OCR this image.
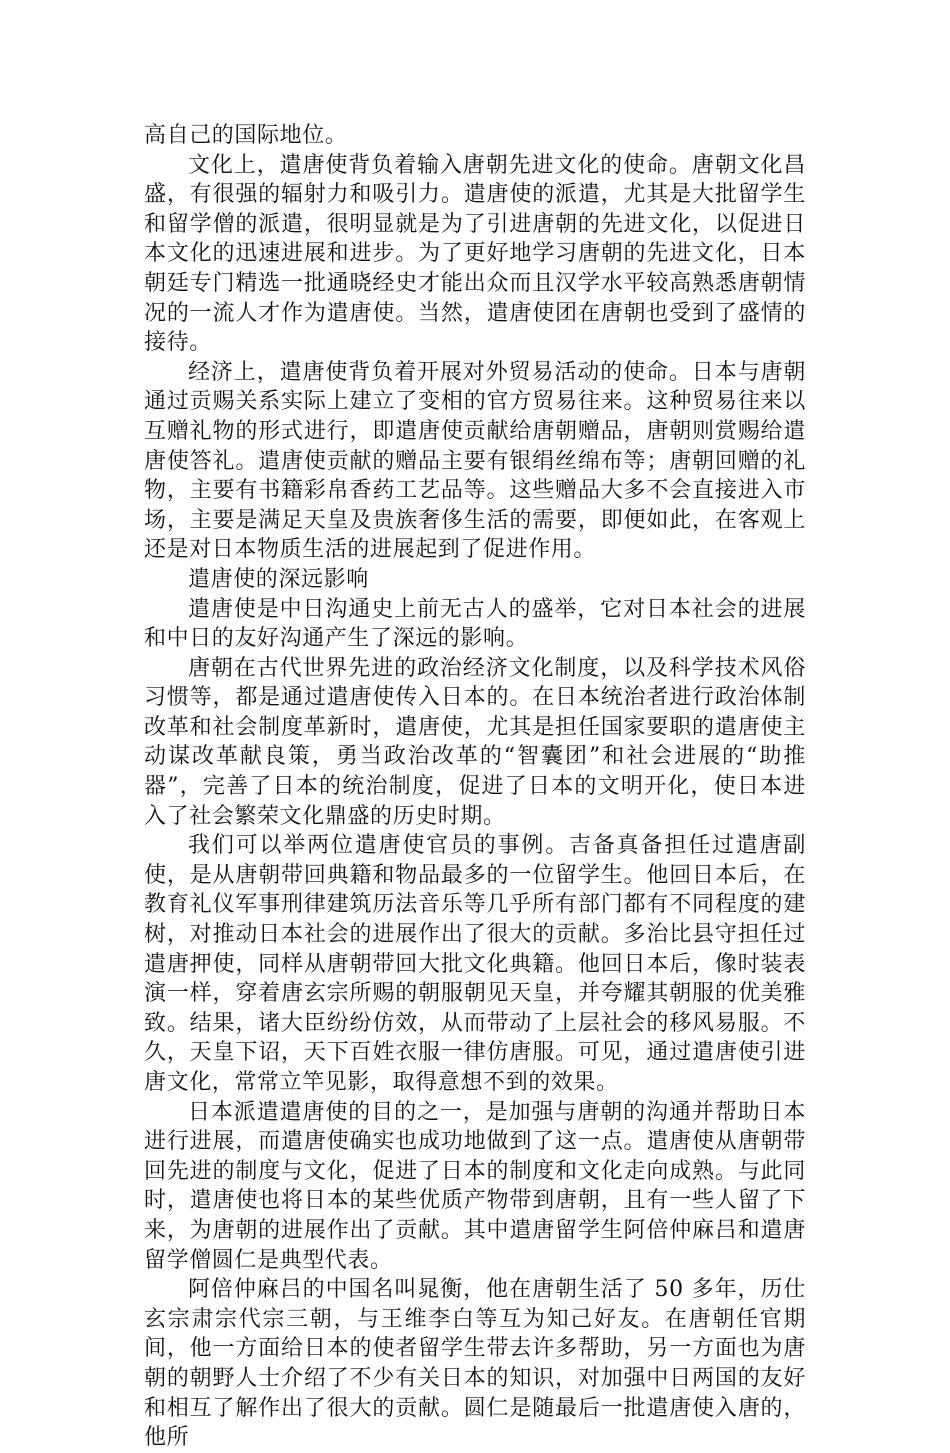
高自己的国际地位。

文化上，遣唐使背负着输入唐朝先进文化的使命。唐朝文化昌盛，有很强的辐射力和吸引力。遣唐使的派遣，尤其是大批留学生和留学僧的派遣，很明显就是为了引进唐朝的先进文化，以促进日本文化的迅速进展和进步。为了更好地学习唐朝的先进文化，日本朝廷专门精选一批通晓经史才能出众而且汉学水平较高熟悉唐朝情况的一流人才作为遣唐使。当然，遣唐使团在唐朝也受到了盛情的接待。

经济上，遣唐使背负着开展对外贸易活动的使命。日本与唐朝通过贡赐关系实际上建立了变相的官方贸易往来。这种贸易往来以互赠礼物的形式进行，即遣唐使贡献给唐朝赠品，唐朝则赏赐给遣唐使答礼。遣唐使贡献的赠品主要有银绢丝绵布等；唐朝回赠的礼物，主要有书籍彩帛香药工艺品等。这些赠品大多不会直接进入市场，主要是满足天皇及贵族奢侈生活的需要，即便如此，在客观上还是对日本物质生活的进展起到了促进作用。

遣唐使的深远影响

遣唐使是中日沟通史上前无古人的盛举，它对日本社会的进展和中日的友好沟通产生了深远的影响。

唐朝在古代世界先进的政治经济文化制度，以及科学技术风俗习惯等，都是通过遣唐使传入日本的。在日本统治者进行政治体制改革和社会制度革新时，遣唐使，尤其是担任国家要职的遣唐使主动谋改革献良策，勇当政治改革的“智囊团”和社会进展的“助推器”，完善了日本的统治制度，促进了日本的文明开化，使日本进入了社会繁荣文化鼎盛的历史时期。

我们可以举两位遣唐使官员的事例。吉备真备担任过遣唐副使，是从唐朝带回典籍和物品最多的一位留学生。他回日本后，在教育礼仪军事刑律建筑历法音乐等几乎所有部门都有不同程度的建树，对推动日本社会的进展作出了很大的贡献。多治比县守担任过遣唐押使，同样从唐朝带回大批文化典籍。他回日本后，像时装表演一样，穿着唐玄宗所赐的朝服朝见天皇，并夸耀其朝服的优美雅致。结果，诸大臣纷纷仿效，从而带动了上层社会的移风易服。不久，天皇下诏，天下百姓衣服一律仿唐服。可见，通过遣唐使引进唐文化，常常立竿见影，取得意想不到的效果。

日本派遣遣唐使的目的之一，是加强与唐朝的沟通并帮助日本进行进展，而遣唐使确实也成功地做到了这一点。遣唐使从唐朝带回先进的制度与文化，促进了日本的制度和文化走向成熟。与此同时，遣唐使也将日本的某些优质产物带到唐朝，且有一些人留了下来，为唐朝的进展作出了贡献。其中遣唐留学生阿倍仲麻吕和遣唐留学僧圆仁是典型代表。

阿倍仲麻吕的中国名叫晁衡，他在唐朝生活了 50 多年，历仕玄宗肃宗代宗三朝，与王维李白等互为知己好友。在唐朝任官期间，他一方面给日本的使者留学生带去许多帮助，另一方面也为唐朝的朝野人士介绍了不少有关日本的知识，对加强中日两国的友好和相互了解作出了很大的贡献。圆仁是随最后一批遣唐使入唐的，他所
